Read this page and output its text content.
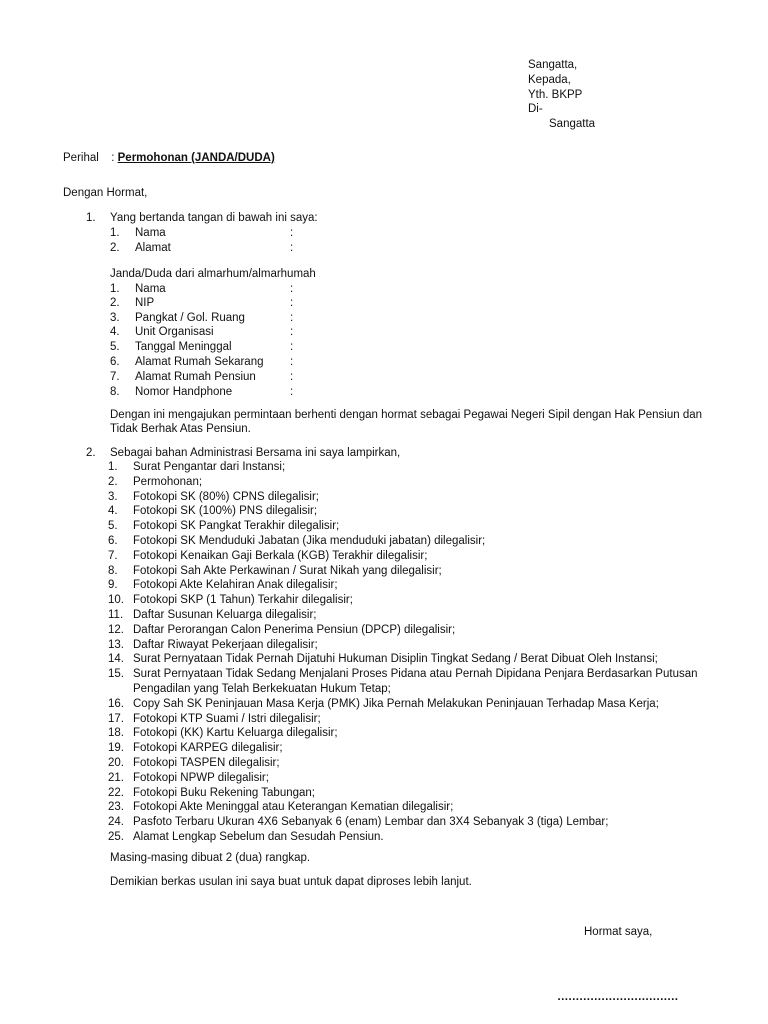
Sangatta,
Kepada,
Yth. BKPP
Di-
Sangatta
Perihal : Permohonan (JANDA/DUDA)
Dengan Hormat,
1. Yang bertanda tangan di bawah ini saya:
1.	Nama	:
2.	Alamat	:
Janda/Duda dari almarhum/almarhumah
1.	Nama	:
2.	NIP	:
3.	Pangkat / Gol. Ruang	:
4.	Unit Organisasi	:
5.	Tanggal Meninggal	:
6.	Alamat Rumah Sekarang	:
7.	Alamat Rumah Pensiun	:
8.	Nomor Handphone	:
Dengan ini mengajukan permintaan berhenti dengan hormat sebagai Pegawai Negeri Sipil dengan Hak Pensiun dan
Tidak Berhak Atas Pensiun.
2. Sebagai bahan Administrasi Bersama ini saya lampirkan,
1.	Surat Pengantar dari Instansi;
2.	Permohonan;
3.	Fotokopi SK (80%) CPNS dilegalisir;
4.	Fotokopi SK (100%) PNS dilegalisir;
5.	Fotokopi SK Pangkat Terakhir dilegalisir;
6.	Fotokopi SK Menduduki Jabatan (Jika menduduki jabatan) dilegalisir;
7.	Fotokopi Kenaikan Gaji Berkala (KGB) Terakhir dilegalisir;
8.	Fotokopi Sah Akte Perkawinan / Surat Nikah yang dilegalisir;
9.	Fotokopi Akte Kelahiran Anak dilegalisir;
10. Fotokopi SKP (1 Tahun) Terkahir dilegalisir;
11. Daftar Susunan Keluarga dilegalisir;
12. Daftar Perorangan Calon Penerima Pensiun (DPCP) dilegalisir;
13. Daftar Riwayat Pekerjaan dilegalisir;
14. Surat Pernyataan Tidak Pernah Dijatuhi Hukuman Disiplin Tingkat Sedang / Berat Dibuat Oleh Instansi;
15. Surat Pernyataan Tidak Sedang Menjalani Proses Pidana atau Pernah Dipidana Penjara Berdasarkan Putusan
Pengadilan yang Telah Berkekuatan Hukum Tetap;
16. Copy Sah SK Peninjauan Masa Kerja (PMK) Jika Pernah Melakukan Peninjauan Terhadap Masa Kerja;
17. Fotokopi KTP Suami / Istri dilegalisir;
18. Fotokopi (KK) Kartu Keluarga dilegalisir;
19. Fotokopi KARPEG dilegalisir;
20. Fotokopi TASPEN dilegalisir;
21. Fotokopi NPWP dilegalisir;
22. Fotokopi Buku Rekening Tabungan;
23. Fotokopi Akte Meninggal atau Keterangan Kematian dilegalisir;
24. Pasfoto Terbaru Ukuran 4X6 Sebanyak 6 (enam) Lembar dan 3X4 Sebanyak 3 (tiga) Lembar;
25. Alamat Lengkap Sebelum dan Sesudah Pensiun.
Masing-masing dibuat 2 (dua) rangkap.
Demikian berkas usulan ini saya buat untuk dapat diproses lebih lanjut.
Hormat saya,
……………………………
